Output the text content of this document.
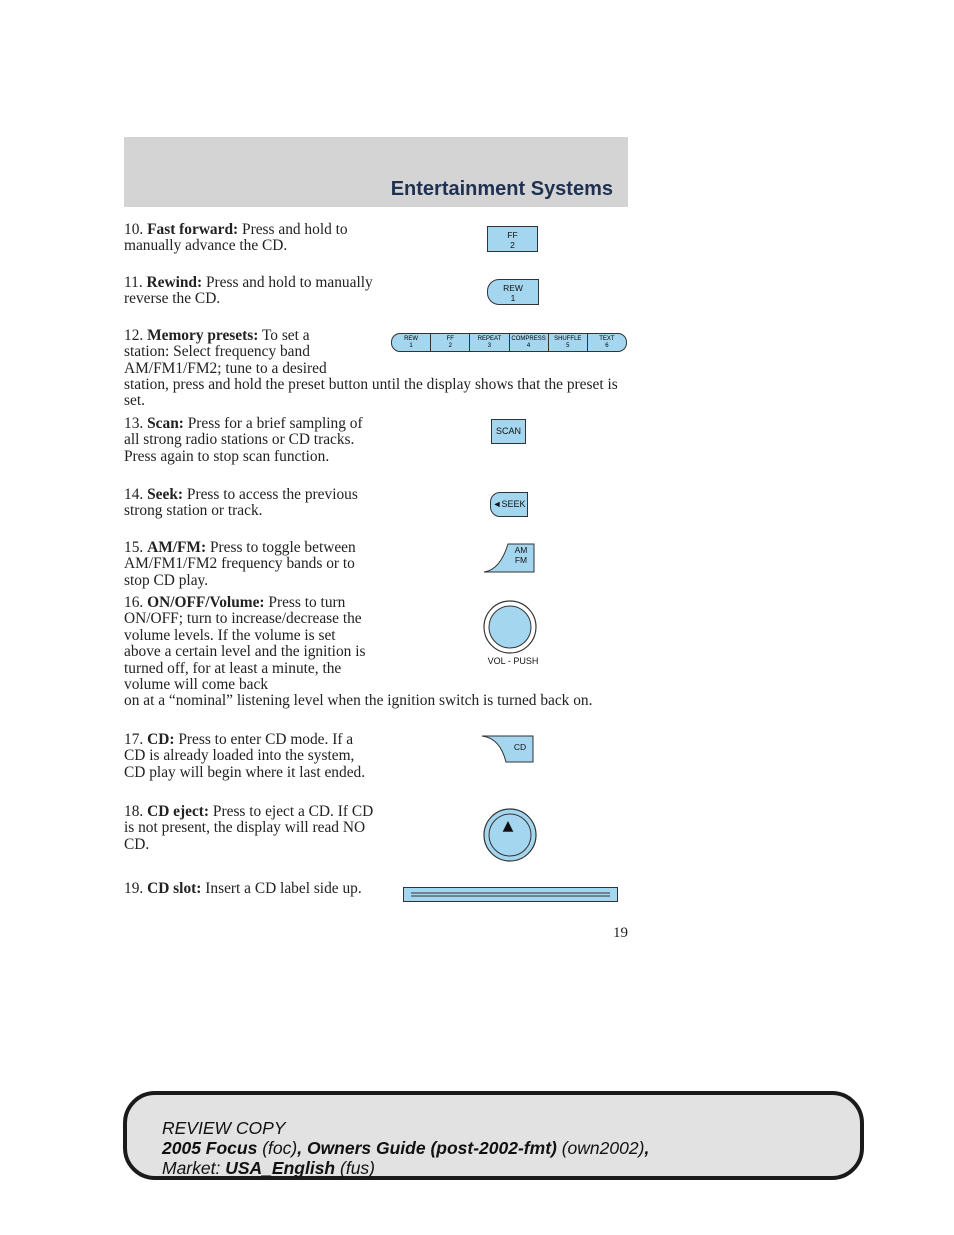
Entertainment Systems
10. Fast forward: Press and hold to manually advance the CD.
FF
2
11. Rewind: Press and hold to manually reverse the CD.
REW
1
12. Memory presets: To set a station: Select frequency band AM/FM1/FM2; tune to a desired
station, press and hold the preset button until the display shows that the preset is set.
REW
1
FF
2
REPEAT
3
COMPRESS
4
SHUFFLE
5
TEXT
6
13. Scan: Press for a brief sampling of all strong radio stations or CD tracks. Press again to stop scan function.
SCAN
14. Seek: Press to access the previous strong station or track.	◄SEEK
15. AM/FM: Press to toggle between AM/FM1/FM2 frequency bands or to stop CD play.
AM
FM
16. ON/OFF/Volume: Press to turn ON/OFF; turn to increase/decrease the volume levels. If the volume is set above a certain level and the ignition is turned off, for at least a minute, the volume will come back
on at a “nominal” listening level when the ignition switch is turned back on.
VOL - PUSH
17. CD: Press to enter CD mode. If a CD is already loaded into the system, CD play will begin where it last ended.
CD
18. CD eject: Press to eject a CD. If CD is not present, the display will read NO CD.
▲
19. CD slot: Insert a CD label side up.
19
REVIEW COPY
2005 Focus (foc), Owners Guide (post-2002-fmt) (own2002),
Market: USA_English (fus)
